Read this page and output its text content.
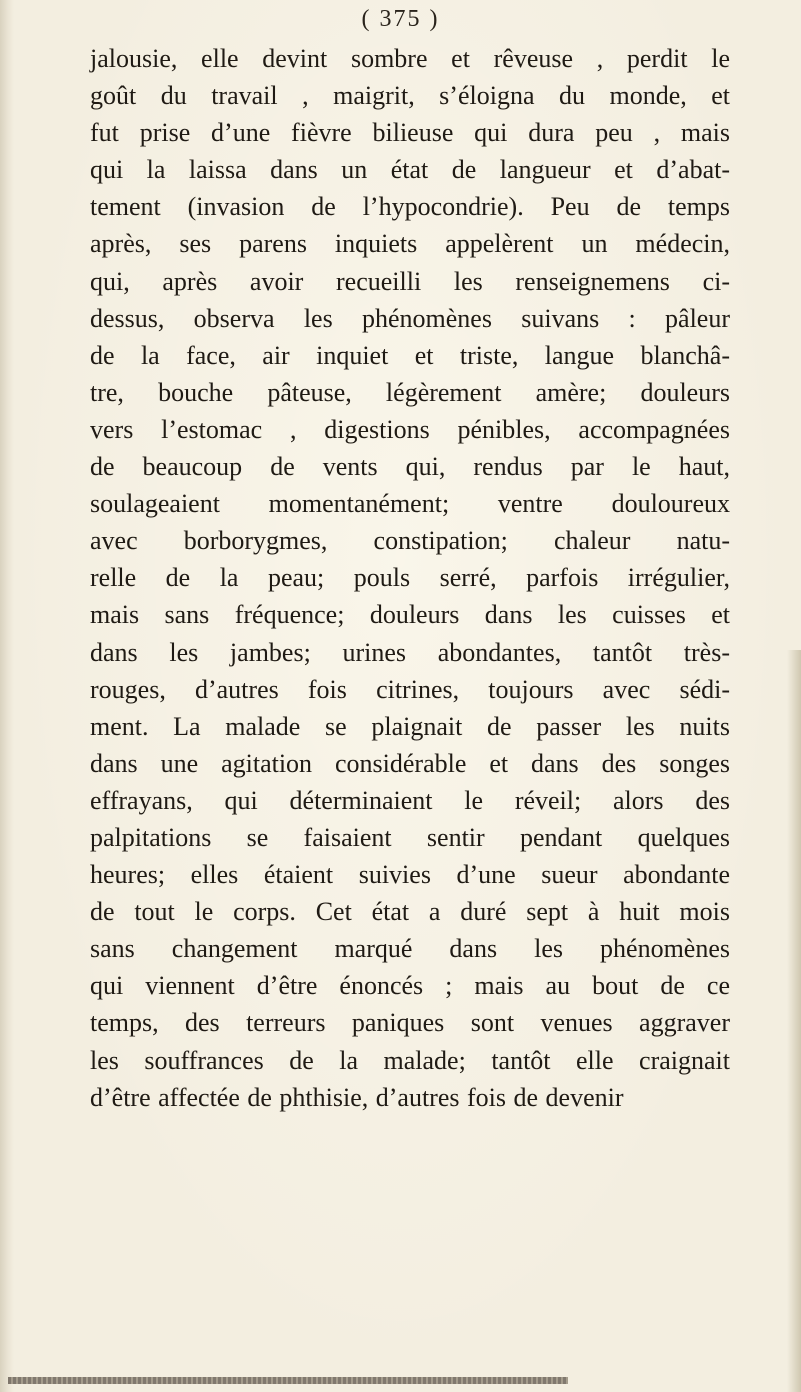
( 375 )
jalousie, elle devint sombre et rêveuse , perdit le
goût du travail , maigrit, s’éloigna du monde, et
fut prise d’une fièvre bilieuse qui dura peu , mais
qui la laissa dans un état de langueur et d’abat-
tement (invasion de l’hypocondrie). Peu de temps
après, ses parens inquiets appelèrent un médecin,
qui, après avoir recueilli les renseignemens ci-
dessus, observa les phénomènes suivans : pâleur
de la face, air inquiet et triste, langue blanchâ-
tre, bouche pâteuse, légèrement amère; douleurs
vers l’estomac , digestions pénibles, accompagnées
de beaucoup de vents qui, rendus par le haut,
soulageaient momentanément; ventre douloureux
avec borborygmes, constipation; chaleur natu-
relle de la peau; pouls serré, parfois irrégulier,
mais sans fréquence; douleurs dans les cuisses et
dans les jambes; urines abondantes, tantôt très-
rouges, d’autres fois citrines, toujours avec sédi-
ment. La malade se plaignait de passer les nuits
dans une agitation considérable et dans des songes
effrayans, qui déterminaient le réveil; alors des
palpitations se faisaient sentir pendant quelques
heures; elles étaient suivies d’une sueur abondante
de tout le corps. Cet état a duré sept à huit mois
sans changement marqué dans les phénomènes
qui viennent d’être énoncés ; mais au bout de ce
temps, des terreurs paniques sont venues aggraver
les souffrances de la malade; tantôt elle craignait
d’être affectée de phthisie, d’autres fois de devenir
